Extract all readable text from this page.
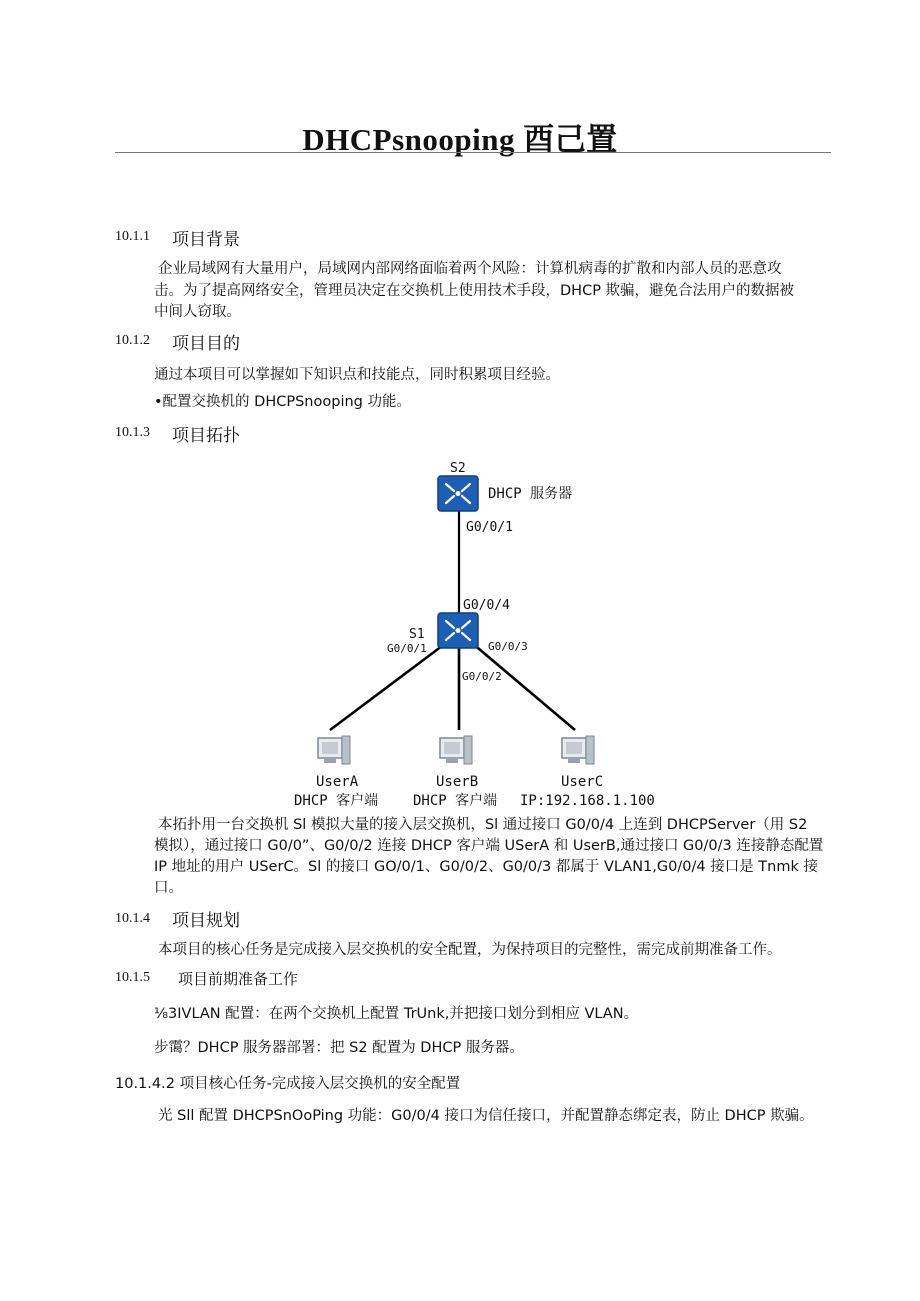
DHCPsnooping 酉己置
10.1.1 项目背景

企业局域网有大量用户，局域网内部网络面临着两个风险：计算机病毒的扩散和内部人员的恶意攻

击。为了提高网络安全，管理员决定在交换机上使用技术手段，DHCP 欺骗，避免合法用户的数据被

中间人窃取。

10.1.2 项目目的

通过本项目可以掌握如下知识点和技能点，同时积累项目经验。

•配置交换机的 DHCPSnooping 功能。

10.1.3 项目拓扑
S2
DHCP 服务器
G0/0/1
G0/0/4
S1
G0/0/1
G0/0/2
G0/0/3
UserA
DHCP 客户端
UserB
DHCP 客户端
UserC
IP:192.168.1.100

本拓扑用一台交换机 Sl 模拟大量的接入层交换机，Sl 通过接口 G0/0/4 上连到 DHCPServer（用 S2

模拟），通过接口 G0/0”、G0/0/2 连接 DHCP 客户端 USerA 和 UserB,通过接口 G0/0/3 连接静态配置

IP 地址的用户 USerC。Sl 的接口 GO/0/1、G0/0/2、G0/0/3 都属于 VLAN1,G0/0/4 接口是 Tnmk 接

口。

10.1.4 项目规划

本项目的核心任务是完成接入层交换机的安全配置，为保持项目的完整性，需完成前期准备工作。

10.1.5 项目前期准备工作

⅛3IVLAN 配置：在两个交换机上配置 TrUnk,并把接口划分到相应 VLAN。

步霭？DHCP 服务器部署：把 S2 配置为 DHCP 服务器。

10.1.4.2 项目核心任务-完成接入层交换机的安全配置

光 Sll 配置 DHCPSnOoPing 功能：G0/0/4 接口为信任接口，并配置静态绑定表，防止 DHCP 欺骗。
